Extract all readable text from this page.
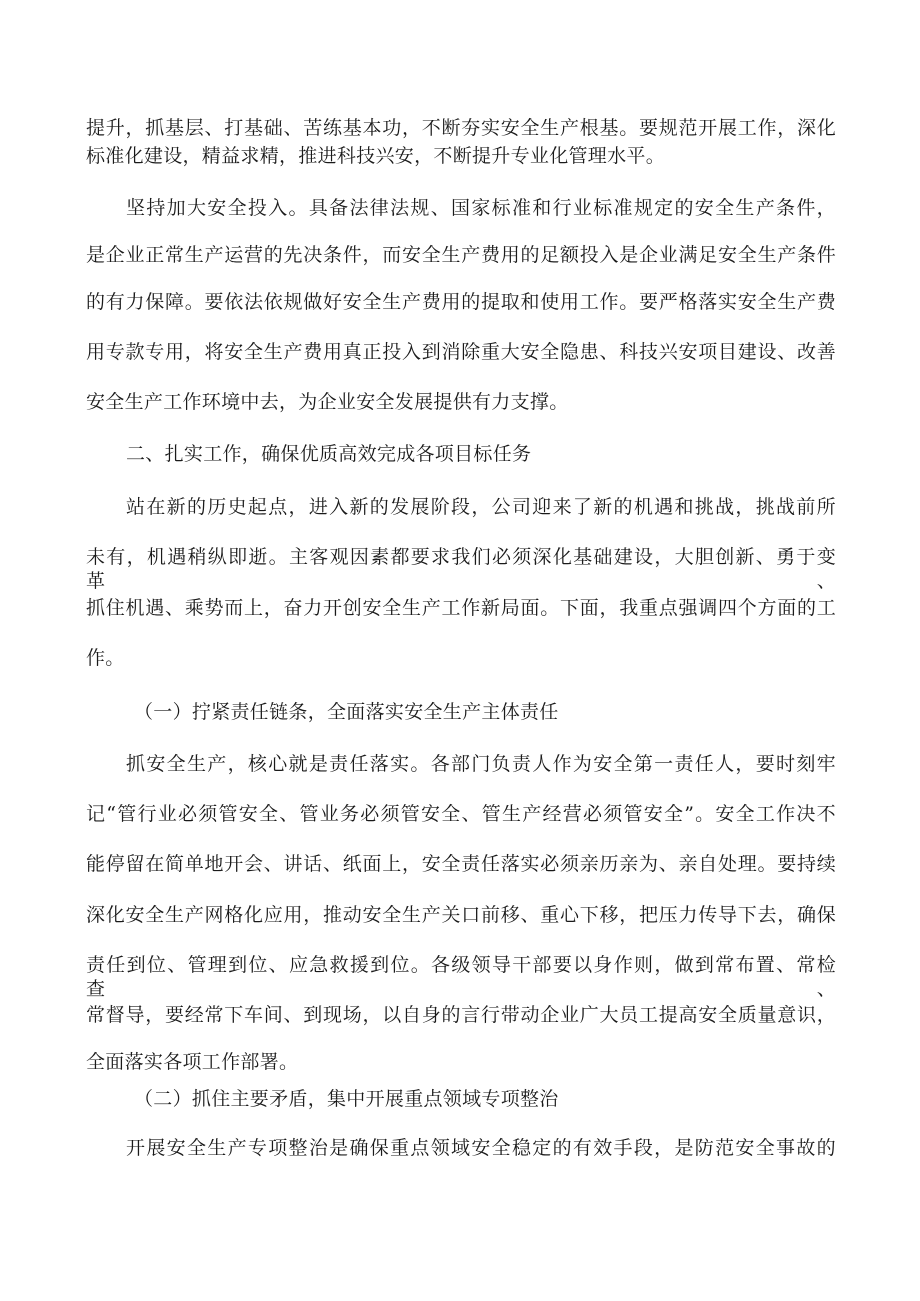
提升，抓基层、打基础、苦练基本功，不断夯实安全生产根基。要规范开展工作，深化
标准化建设，精益求精，推进科技兴安，不断提升专业化管理水平。
坚持加大安全投入。具备法律法规、国家标准和行业标准规定的安全生产条件，
是企业正常生产运营的先决条件，而安全生产费用的足额投入是企业满足安全生产条件
的有力保障。要依法依规做好安全生产费用的提取和使用工作。要严格落实安全生产费
用专款专用，将安全生产费用真正投入到消除重大安全隐患、科技兴安项目建设、改善
安全生产工作环境中去，为企业安全发展提供有力支撑。
二、扎实工作，确保优质高效完成各项目标任务
站在新的历史起点，进入新的发展阶段，公司迎来了新的机遇和挑战，挑战前所
未有，机遇稍纵即逝。主客观因素都要求我们必须深化基础建设，大胆创新、勇于变革、
抓住机遇、乘势而上，奋力开创安全生产工作新局面。下面，我重点强调四个方面的工
作。
（一）拧紧责任链条，全面落实安全生产主体责任
抓安全生产，核心就是责任落实。各部门负责人作为安全第一责任人，要时刻牢
记“管行业必须管安全、管业务必须管安全、管生产经营必须管安全”。安全工作决不
能停留在简单地开会、讲话、纸面上，安全责任落实必须亲历亲为、亲自处理。要持续
深化安全生产网格化应用，推动安全生产关口前移、重心下移，把压力传导下去，确保
责任到位、管理到位、应急救援到位。各级领导干部要以身作则，做到常布置、常检查、
常督导，要经常下车间、到现场，以自身的言行带动企业广大员工提高安全质量意识，
全面落实各项工作部署。
（二）抓住主要矛盾，集中开展重点领域专项整治
开展安全生产专项整治是确保重点领域安全稳定的有效手段，是防范安全事故的
